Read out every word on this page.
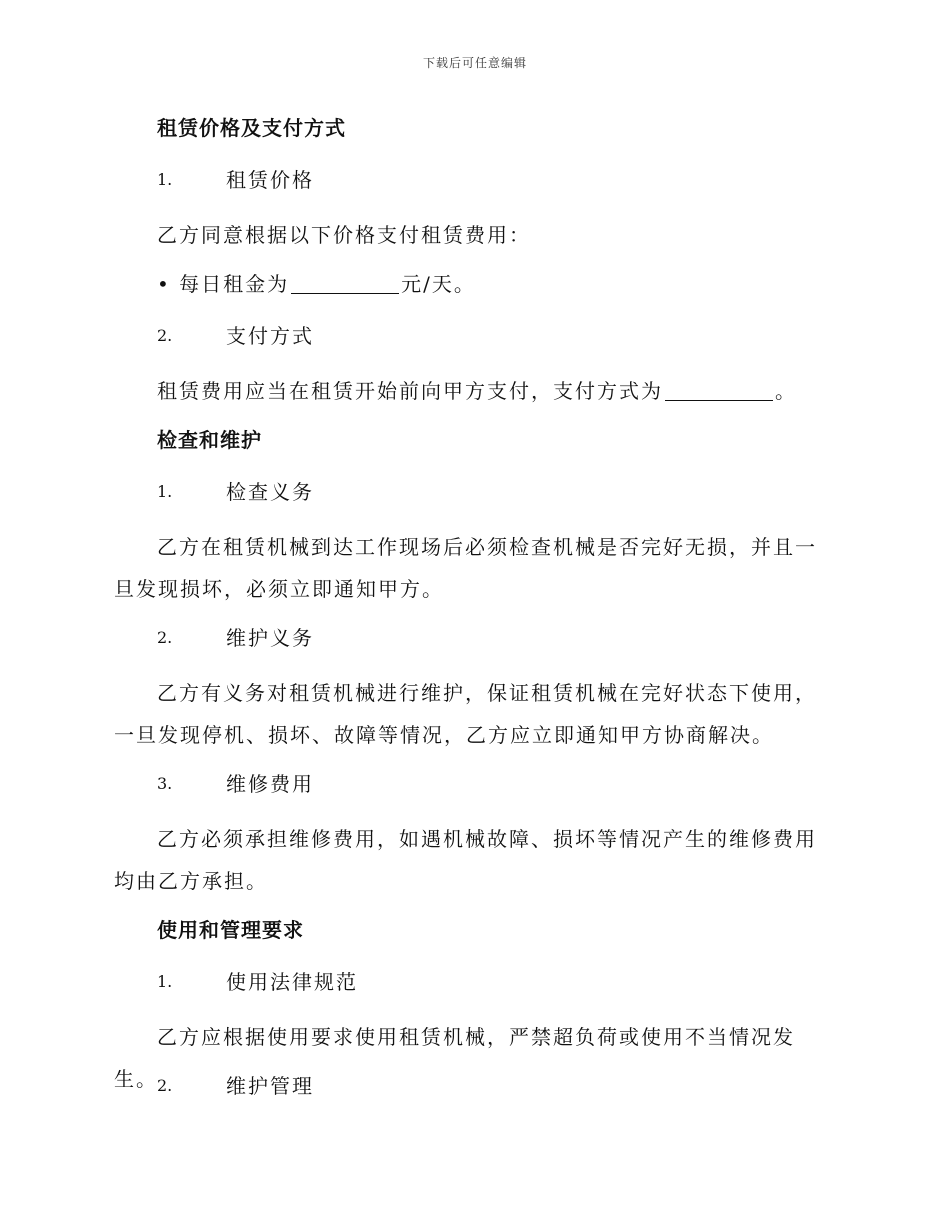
下载后可任意编辑
租赁价格及支付方式
1.	租赁价格
乙方同意根据以下价格支付租赁费用：
• 每日租金为	元/天。
2.	支付方式
租赁费用应当在租赁开始前向甲方支付，支付方式为	。
检查和维护
1.	检查义务
乙方在租赁机械到达工作现场后必须检查机械是否完好无损，并且一旦发现损坏，必须立即通知甲方。
2.	维护义务
乙方有义务对租赁机械进行维护，保证租赁机械在完好状态下使用，一旦发现停机、损坏、故障等情况，乙方应立即通知甲方协商解决。
3.	维修费用
乙方必须承担维修费用，如遇机械故障、损坏等情况产生的维修费用均由乙方承担。
使用和管理要求
1.	使用法律规范
乙方应根据使用要求使用租赁机械，严禁超负荷或使用不当情况发生。 2.	维护管理
